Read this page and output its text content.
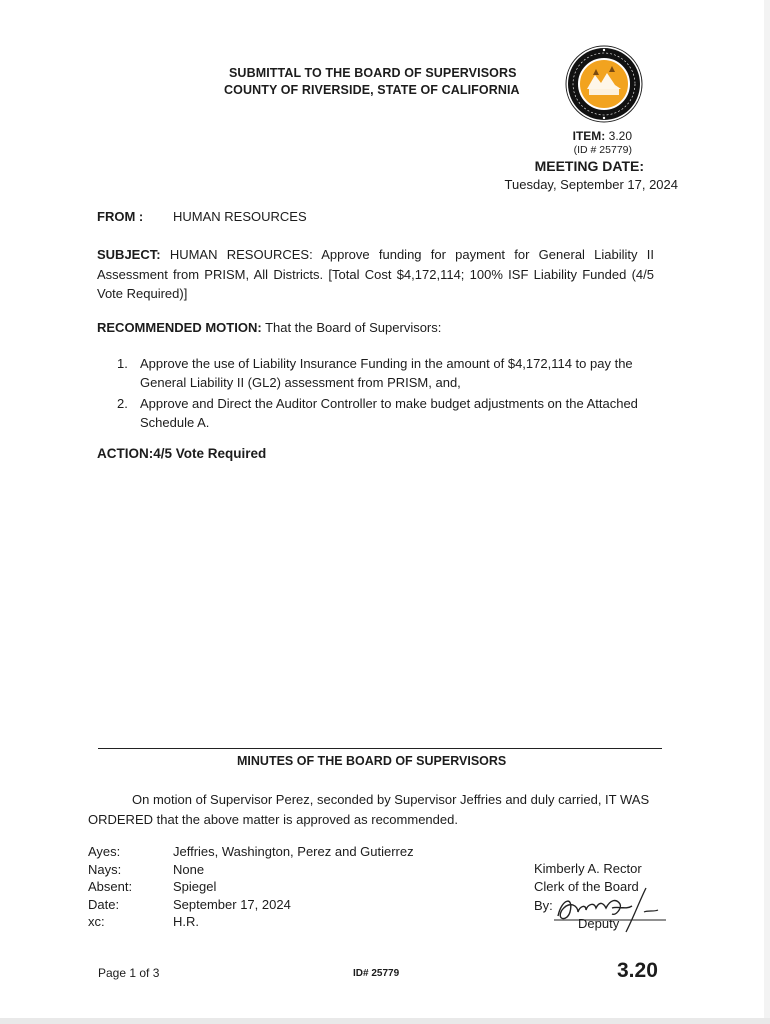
SUBMITTAL TO THE BOARD OF SUPERVISORS
COUNTY OF RIVERSIDE, STATE OF CALIFORNIA
ITEM: 3.20
(ID # 25779)
MEETING DATE:
Tuesday, September 17, 2024
FROM : HUMAN RESOURCES
SUBJECT: HUMAN RESOURCES: Approve funding for payment for General Liability II Assessment from PRISM, All Districts. [Total Cost $4,172,114; 100% ISF Liability Funded (4/5 Vote Required)]
RECOMMENDED MOTION: That the Board of Supervisors:
1. Approve the use of Liability Insurance Funding in the amount of $4,172,114 to pay the General Liability II (GL2) assessment from PRISM, and,
2. Approve and Direct the Auditor Controller to make budget adjustments on the Attached Schedule A.
ACTION:4/5 Vote Required
MINUTES OF THE BOARD OF SUPERVISORS
On motion of Supervisor Perez, seconded by Supervisor Jeffries and duly carried, IT WAS ORDERED that the above matter is approved as recommended.
Ayes:	Jeffries, Washington, Perez and Gutierrez
Nays:	None
Absent:	Spiegel
Date:	September 17, 2024
xc:	H.R.
Kimberly A. Rector
Clerk of the Board
By:
Deputy
Page 1 of 3	ID# 25779	3.20
